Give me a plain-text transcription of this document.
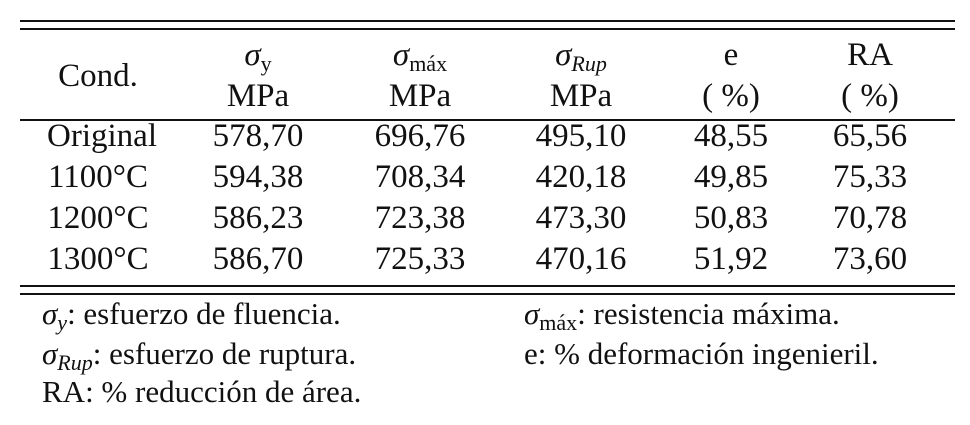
Cond.
$\sigma_y$
MPa
$\sigma_{máx}$
MPa
$\sigma_{Rup}$
MPa
e
( %)
RA
( %)
Original 578,70 696,76 495,10 48,55 65,56
1100°C 594,38 708,34 420,18 49,85 75,33
1200°C 586,23 723,38 473,30 50,83 70,78
1300°C 586,70 725,33 470,16 51,92 73,60
$\sigma_y$: esfuerzo de fluencia.	$\sigma_{máx}$: resistencia máxima.
$\sigma_{Rup}$: esfuerzo de ruptura.	e: % deformación ingenieril.
RA: % reducción de área.
